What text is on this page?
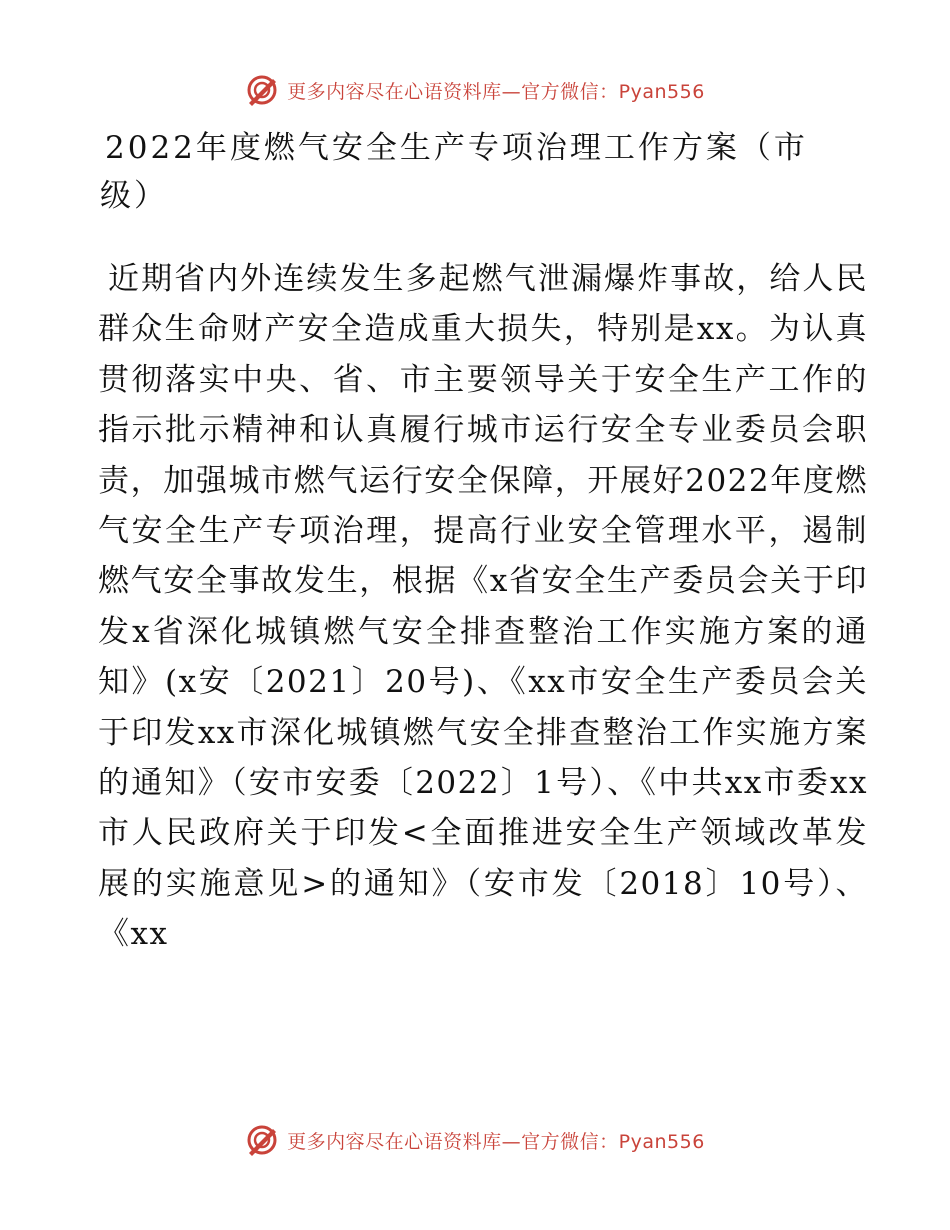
更多内容尽在心语资料库—官方微信：Pyan556
2022年度燃气安全生产专项治理工作方案（市级）

近期省内外连续发生多起燃气泄漏爆炸事故，给人民群众生命财产安全造成重大损失，特别是xx。为认真贯彻落实中央、省、市主要领导关于安全生产工作的指示批示精神和认真履行城市运行安全专业委员会职责，加强城市燃气运行安全保障，开展好2022年度燃气安全生产专项治理，提高行业安全管理水平，遏制燃气安全事故发生，根据《x省安全生产委员会关于印发x省深化城镇燃气安全排查整治工作实施方案的通知》(x安〔2021〕20号)、《xx市安全生产委员会关于印发xx市深化城镇燃气安全排查整治工作实施方案的通知》（安市安委〔2022〕1号）、《中共xx市委xx市人民政府关于印发<全面推进安全生产领域改革发展的实施意见>的通知》（安市发〔2018〕10号）、《xx

更多内容尽在心语资料库—官方微信：Pyan556
